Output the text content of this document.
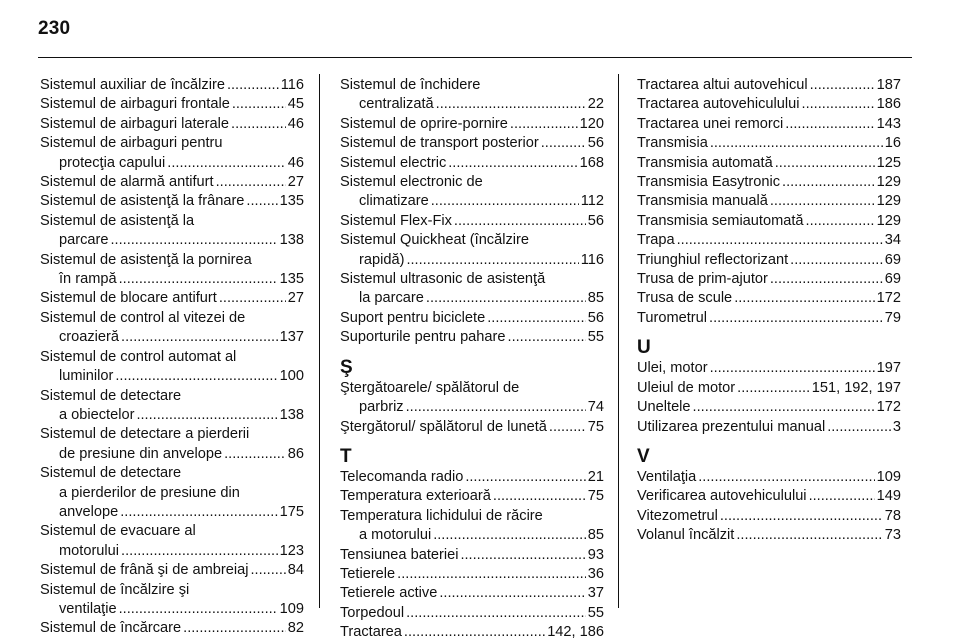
230
Sistemul auxiliar de încălzire .....	116
Sistemul de airbaguri frontale .....	45
Sistemul de airbaguri laterale .....	46
Sistemul de airbaguri pentru
protecţia capului .....	46
Sistemul de alarmă antifurt .....	27
Sistemul de asistenţă la frânare ..... 135
Sistemul de asistenţă la
parcare .....	138
Sistemul de asistenţă la pornirea
în rampă .....	135
Sistemul de blocare antifurt .....	27
Sistemul de control al vitezei de
croazieră .....	137
Sistemul de control automat al
luminilor .....	100
Sistemul de detectare
a obiectelor .....	138
Sistemul de detectare a pierderii
de presiune din anvelope .....	86
Sistemul de detectare
a pierderilor de presiune din
anvelope .....	175
Sistemul de evacuare al
motorului .....	123
Sistemul de frână şi de ambreiaj .....	84
Sistemul de încălzire şi
ventilaţie .....	109
Sistemul de încărcare .....	82
Sistemul de închidere
centralizată .....	22
Sistemul de oprire-pornire .....	120
Sistemul de transport posterior .....	56
Sistemul electric .....	168
Sistemul electronic de
climatizare .....	112
Sistemul Flex-Fix .....	56
Sistemul Quickheat (încălzire
rapidă) .....	116
Sistemul ultrasonic de asistenţă
la parcare .....	85
Suport pentru biciclete .....	56
Suporturile pentru pahare .....	55
Ş
Ştergătoarele/ spălătorul de
parbriz .....	74
Ştergătorul/ spălătorul de lunetă .....	75
T
Telecomanda radio .....	21
Temperatura exterioară .....	75
Temperatura lichidului de răcire
a motorului .....	85
Tensiunea bateriei .....	93
Tetierele .....	36
Tetierele active .....	37
Torpedoul .....	55
Tractarea .....	142, 186
Tractarea altui autovehicul .....	187
Tractarea autovehiculului .....	186
Tractarea unei remorci .....	143
Transmisia .....	16
Transmisia automată .....	125
Transmisia Easytronic .....	129
Transmisia manuală .....	129
Transmisia semiautomată .....	129
Trapa .....	34
Triunghiul reflectorizant .....	69
Trusa de prim-ajutor .....	69
Trusa de scule .....	172
Turometrul .....	79
U
Ulei, motor .....	197
Uleiul de motor .....	151, 192, 197
Uneltele .....	172
Utilizarea prezentului manual .....	3
V
Ventilaţia .....	109
Verificarea autovehiculului .....	149
Vitezometrul .....	78
Volanul încălzit .....	73
